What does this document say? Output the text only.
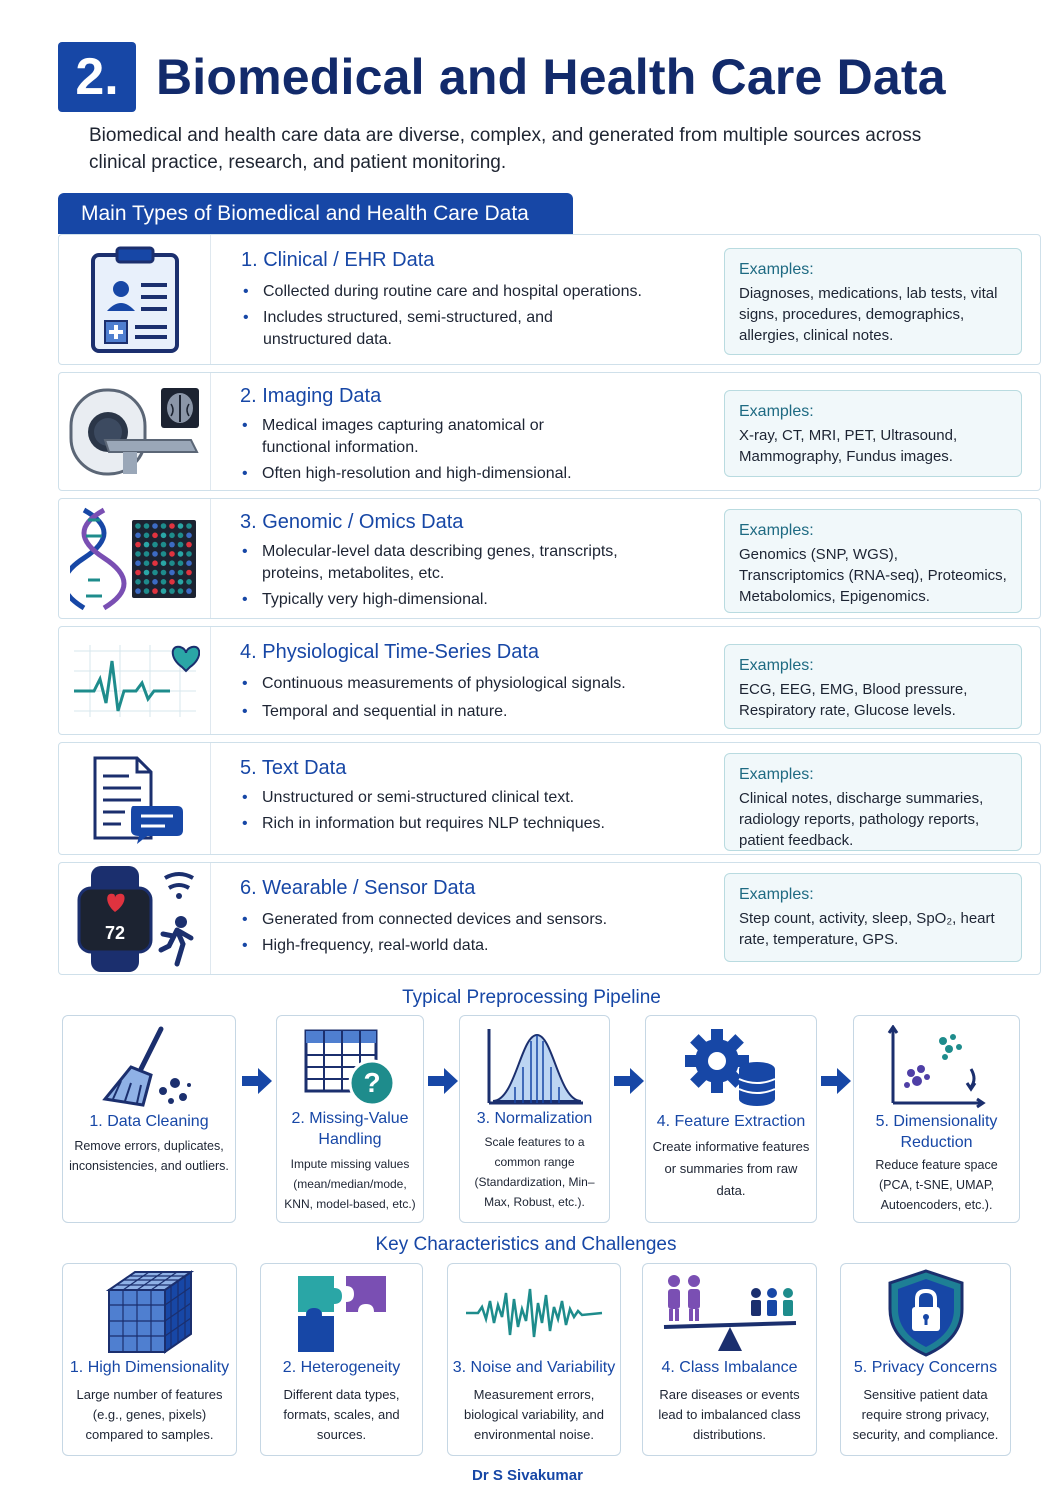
2. Biomedical and Health Care Data
Biomedical and health care data are diverse, complex, and generated from multiple sources across clinical practice, research, and patient monitoring.
Main Types of Biomedical and Health Care Data
1. Clinical / EHR Data
• Collected during routine care and hospital operations.
• Includes structured, semi-structured, and unstructured data.
Examples:
Diagnoses, medications, lab tests, vital signs, procedures, demographics, allergies, clinical notes.
2. Imaging Data
• Medical images capturing anatomical or functional information.
• Often high-resolution and high-dimensional.
Examples:
X-ray, CT, MRI, PET, Ultrasound, Mammography, Fundus images.
3. Genomic / Omics Data
• Molecular-level data describing genes, transcripts, proteins, metabolites, etc.
• Typically very high-dimensional.
Examples:
Genomics (SNP, WGS), Transcriptomics (RNA-seq), Proteomics, Metabolomics, Epigenomics.
4. Physiological Time-Series Data
• Continuous measurements of physiological signals.
• Temporal and sequential in nature.
Examples:
ECG, EEG, EMG, Blood pressure, Respiratory rate, Glucose levels.
5. Text Data
• Unstructured or semi-structured clinical text.
• Rich in information but requires NLP techniques.
Examples:
Clinical notes, discharge summaries, radiology reports, pathology reports, patient feedback.
72
6. Wearable / Sensor Data
• Generated from connected devices and sensors.
• High-frequency, real-world data.
Examples:
Step count, activity, sleep, SpO₂, heart rate, temperature, GPS.
Typical Preprocessing Pipeline
1. Data Cleaning
Remove errors, duplicates, inconsistencies, and outliers.
?
2. Missing-Value Handling
Impute missing values (mean/median/mode, KNN, model-based, etc.)
3. Normalization
Scale features to a common range (Standardization, Min–Max, Robust, etc.).
4. Feature Extraction
Create informative features or summaries from raw data.
5. Dimensionality Reduction
Reduce feature space (PCA, t-SNE, UMAP, Autoencoders, etc.).
Key Characteristics and Challenges
1. High Dimensionality
Large number of features (e.g., genes, pixels) compared to samples.
2. Heterogeneity
Different data types, formats, scales, and sources.
3. Noise and Variability
Measurement errors, biological variability, and environmental noise.
4. Class Imbalance
Rare diseases or events lead to imbalanced class distributions.
5. Privacy Concerns
Sensitive patient data require strong privacy, security, and compliance.
Dr S Sivakumar
